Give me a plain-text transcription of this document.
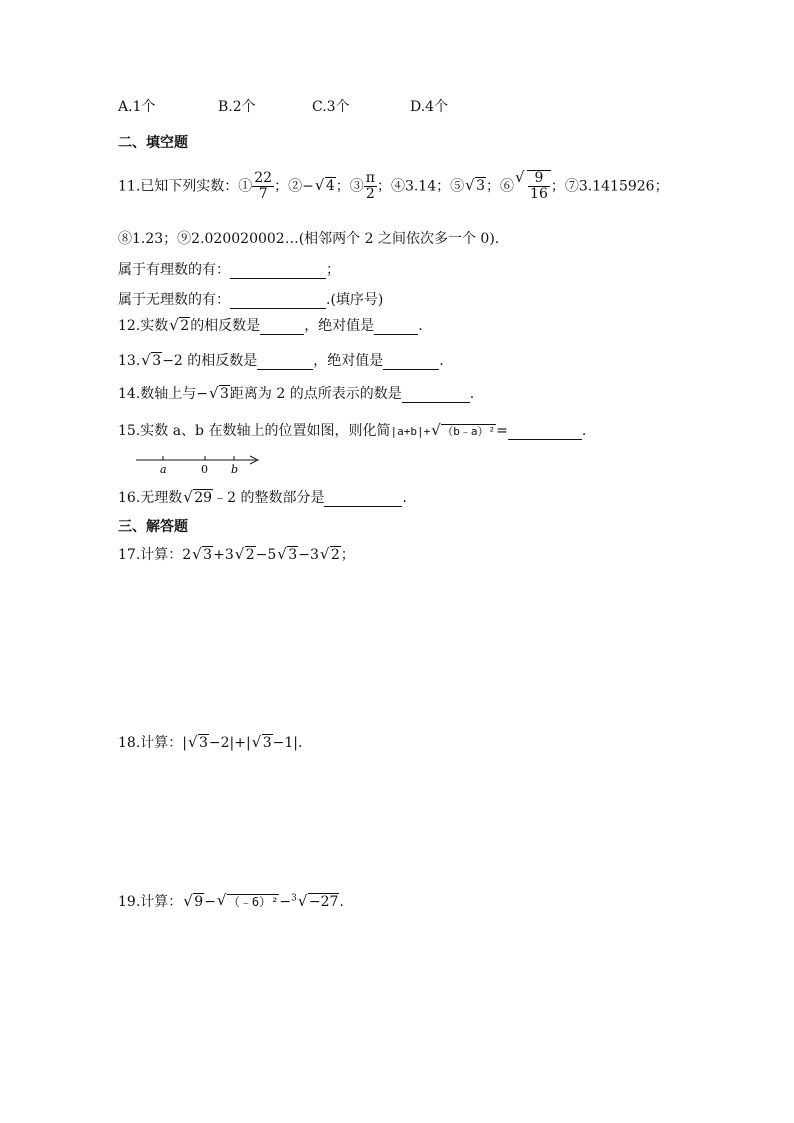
A.1个	B.2个	C.3个	D.4个
二、填空题
11.已知下列实数：① $\frac{22}{7}$ ；②− √ 4；③ $\frac{\pi}{2}$ ；④3.14；⑤ √ 3；⑥ √ $\frac{9}{16}$ ；⑦3.1415926；
⑧1.23；⑨2.020020002…(相邻两个 2 之间依次多一个 0).
属于有理数的有：	；
属于无理数的有：	.(填序号)
12.实数 √ 2的相反数是	，绝对值是	.
13. √ 3−2 的相反数是	，绝对值是	.
14.数轴上与− √ 3距离为 2 的点所表示的数是	.
15.实数 a、b 在数轴上的位置如图，则化简|a+b|+ √ （b﹣a）²=	.
a	0 b
16.无理数 √ 29﹣2 的整数部分是	.
三、解答题
17.计算：2 √ 3+3 √ 2−5 √ 3−3 √ 2；
18.计算：| √ 3−2|+| √ 3−1|.
19.计算： √ 9− √ （﹣6）²−$^3$ √ −27.
